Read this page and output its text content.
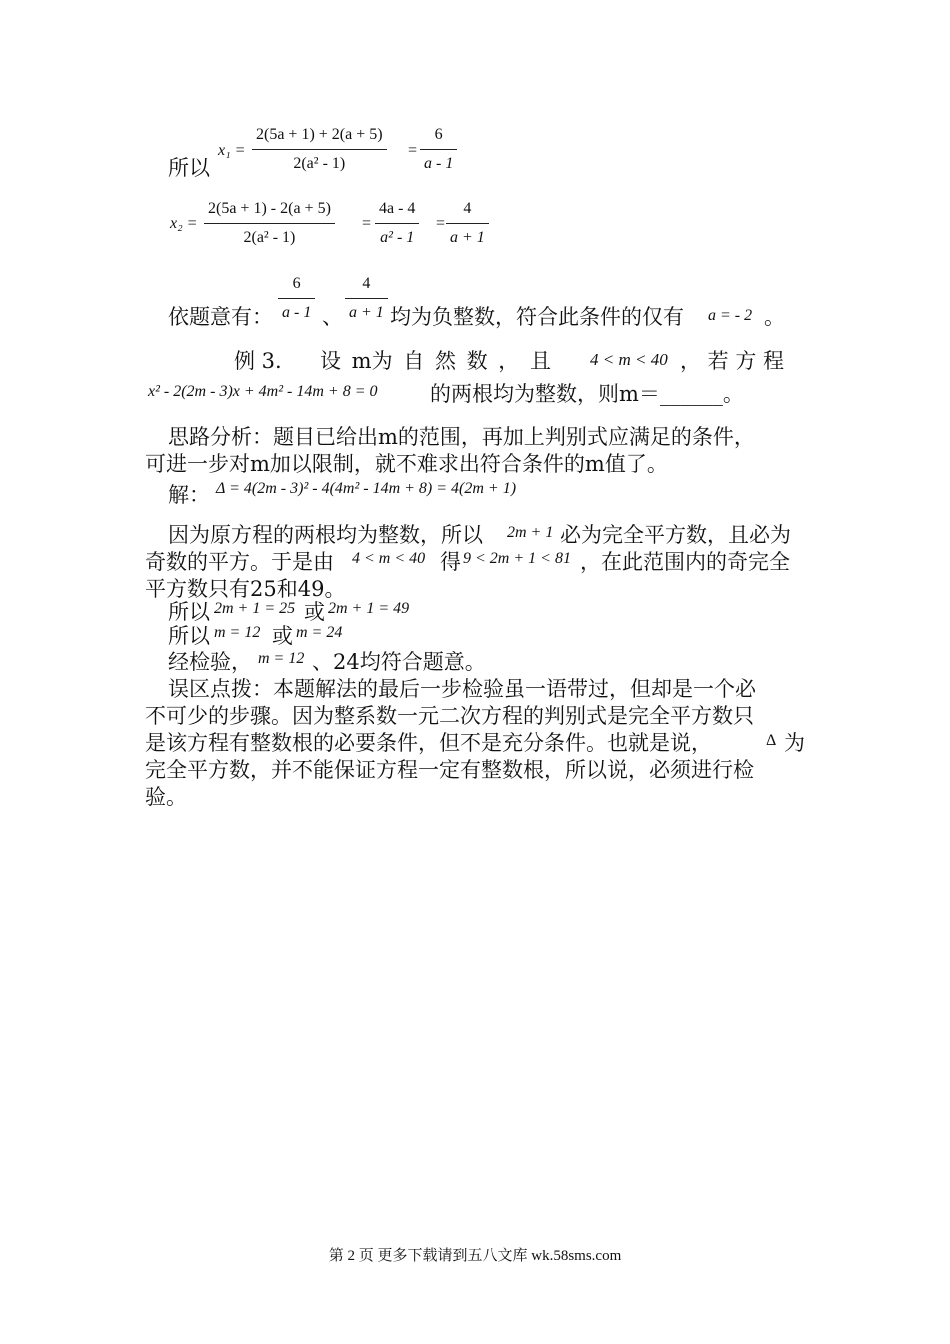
所以
$x_1 = \frac{2(5a + 1) + 2(a + 5)}{\text{2(a² - 1)}} = \frac{6}{a - 1}$
$x_2 = \frac{2(5a + 1) - 2(a + 5)}{\text{2(a² - 1)}} = \frac{4a - 4}{\text{a² - 1}} = \frac{4}{a + 1}$
依题意有： $\frac{6}{a - 1}$ 、 $\frac{4}{a + 1}$ 均为负整数，符合此条件的仅有 a = - 2 。
例 3. 设 m为 自 然 数 ， 且 4 < m < 40 ， 若 方 程
x² - 2(2m - 3)x + 4m² - 14m + 8 = 0	的两根均为整数，则m＝______。
思路分析：题目已给出m的范围，再加上判别式应满足的条件，
可进一步对m加以限制，就不难求出符合条件的m值了。
解： Δ = 4(2m - 3)² - 4(4m² - 14m + 8) = 4(2m + 1)
因为原方程的两根均为整数，所以 2m + 1 必为完全平方数，且必为
奇数的平方。于是由 4 < m < 40 得 9 < 2m + 1 < 81 ，在此范围内的奇完全
平方数只有25和49。
所以 2m + 1 = 25 或 2m + 1 = 49
所以 m = 12 或 m = 24
经检验， m = 12 、24均符合题意。
误区点拨：本题解法的最后一步检验虽一语带过，但却是一个必
不可少的步骤。因为整系数一元二次方程的判别式是完全平方数只
是该方程有整数根的必要条件，但不是充分条件。也就是说，	Δ 为
完全平方数，并不能保证方程一定有整数根，所以说，必须进行检
验。
第 2 页 更多下载请到五八文库 wk.58sms.com
